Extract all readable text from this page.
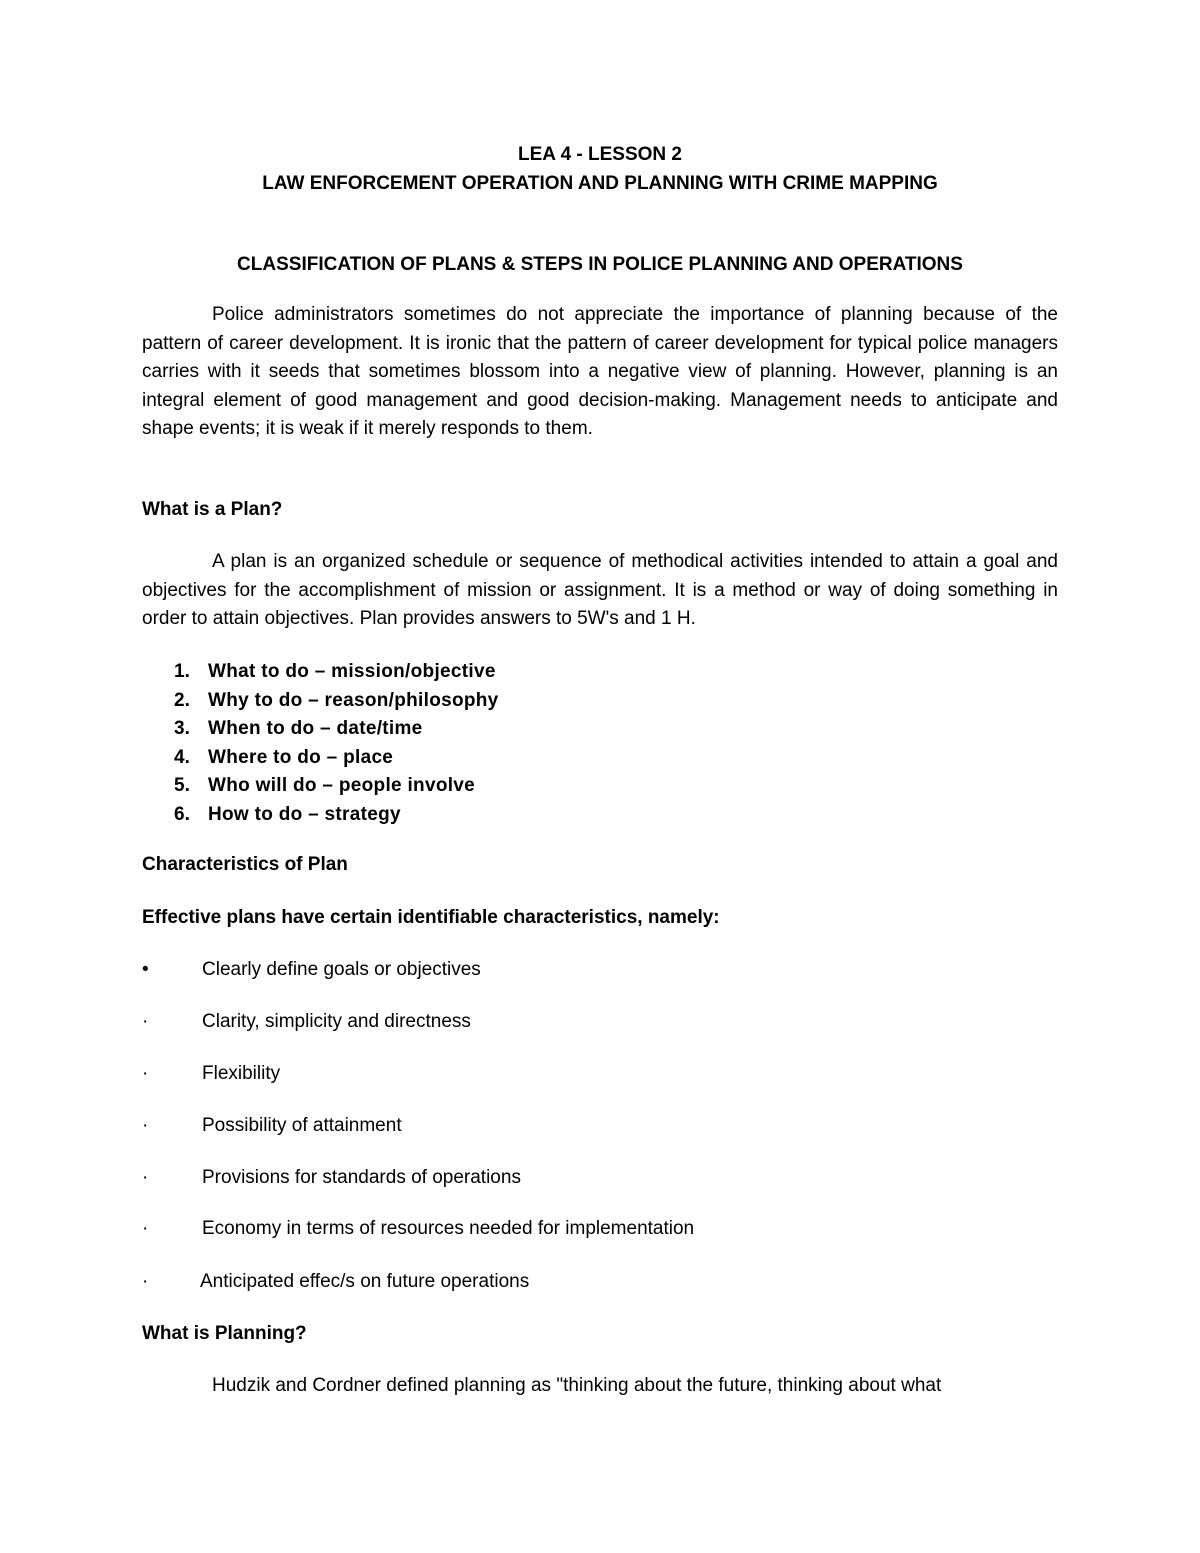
LEA 4 - LESSON 2
LAW ENFORCEMENT OPERATION AND PLANNING WITH CRIME MAPPING
CLASSIFICATION OF PLANS & STEPS IN POLICE PLANNING AND OPERATIONS

Police administrators sometimes do not appreciate the importance of planning because of the pattern of career development. It is ironic that the pattern of career development for typical police managers carries with it seeds that sometimes blossom into a negative view of planning. However, planning is an integral element of good management and good decision-making. Management needs to anticipate and shape events; it is weak if it merely responds to them.

What is a Plan?

A plan is an organized schedule or sequence of methodical activities intended to attain a goal and objectives for the accomplishment of mission or assignment. It is a method or way of doing something in order to attain objectives. Plan provides answers to 5W's and 1 H.

1. What to do – mission/objective
2. Why to do – reason/philosophy
3. When to do – date/time
4. Where to do – place
5. Who will do – people involve
6. How to do – strategy
Characteristics of Plan
Effective plans have certain identifiable characteristics, namely:
•	Clearly define goals or objectives
·	Clarity, simplicity and directness
·	Flexibility
·	Possibility of attainment
·	Provisions for standards of operations
·	Economy in terms of resources needed for implementation
·	Anticipated effec/s on future operations
What is Planning?

Hudzik and Cordner defined planning as "thinking about the future, thinking about what
